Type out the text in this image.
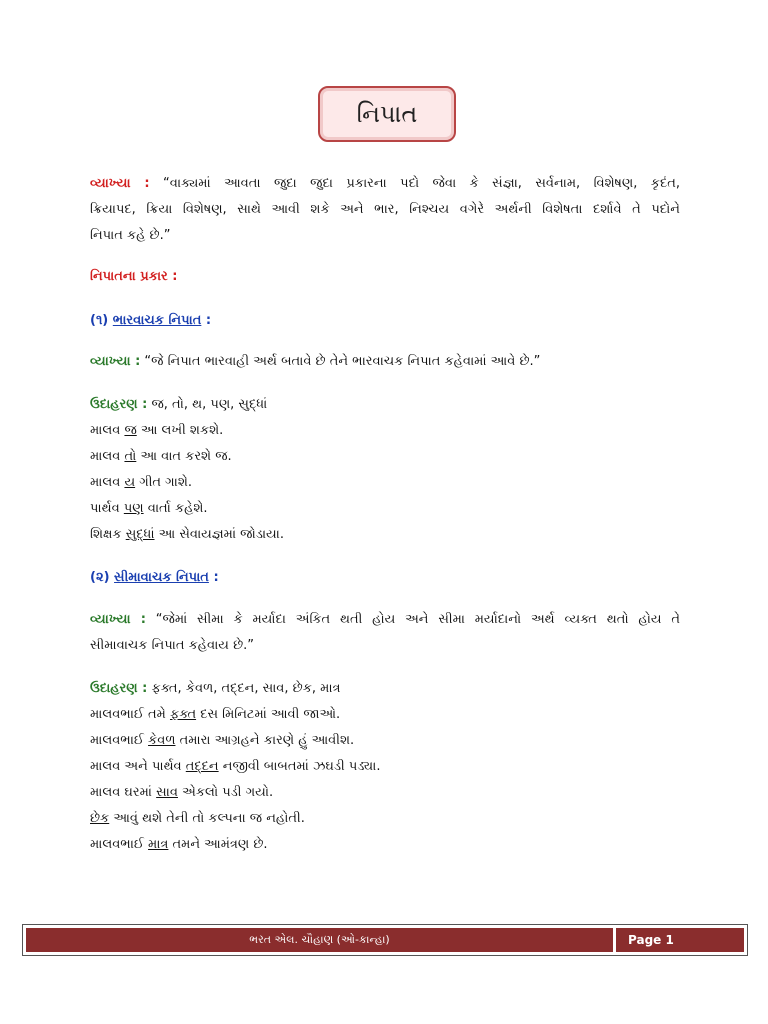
નિપાત
વ્યાખ્યા : “વાક્યમાં આવતા જુદા જુદા પ્રકારના પદો જેવા કે સંજ્ઞા, સર્વનામ, વિશેષણ, કૃદંત,
ક્રિયાપદ, ક્રિયા વિશેષણ, સાથે આવી શકે અને ભાર, નિશ્ચય વગેરે અર્થની વિશેષતા દર્શાવે તે પદોને
નિપાત કહે છે.”
નિપાતના પ્રકાર :
(૧) ભારવાચક નિપાત :
વ્યાખ્યા : “જે નિપાત ભારવાહી અર્થ બતાવે છે તેને ભારવાચક નિપાત કહેવામાં આવે છે.”
ઉદાહરણ : જ, તો, થ, પણ, સુદ્ધાં
માલવ જ આ લખી શકશે.
માલવ તો આ વાત કરશે જ.
માલવ ય ગીત ગાશે.
પાર્થવ પણ વાર્તા કહેશે.
શિક્ષક સુદ્ધાં આ સેવાયજ્ઞમાં જોડાયા.
(૨) સીમાવાચક નિપાત :
વ્યાખ્યા : “જેમાં સીમા કે મર્યાદા અંકિત થતી હોય અને સીમા મર્યાદાનો અર્થ વ્યક્ત થતો હોય તે
સીમાવાચક નિપાત કહેવાય છે.”
ઉદાહરણ : ફક્ત, કેવળ, તદ્દન, સાવ, છેક, માત્ર
માલવભાઈ તમે ફક્ત દસ મિનિટમાં આવી જાઓ.
માલવભાઈ કેવળ તમારા આગ્રહને કારણે હું આવીશ.
માલવ અને પાર્થવ તદ્દન નજીવી બાબતમાં ઝઘડી પડ્યા.
માલવ ઘરમાં સાવ એકલો પડી ગયો.
છેક આવું થશે તેની તો કલ્પના જ નહોતી.
માલવભાઈ માત્ર તમને આમંત્રણ છે.
ભરત એલ. ચૌહાણ (ઓ-કાન્હા)	Page 1
